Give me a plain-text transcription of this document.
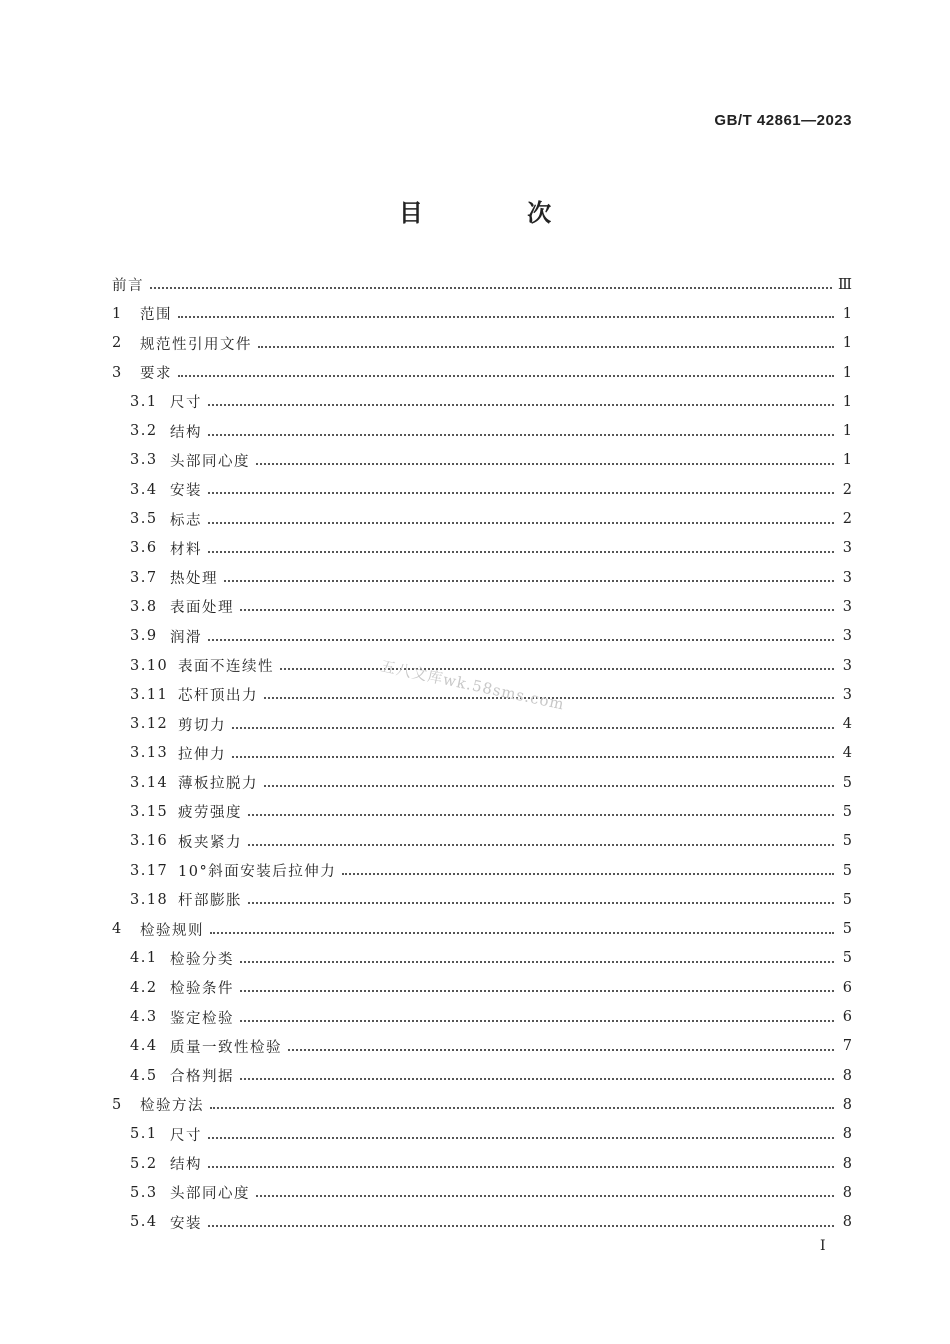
GB/T 42861—2023
目 次
前言	Ⅲ
1	范围	1
2	规范性引用文件	1
3	要求	1
3.1 尺寸	1
3.2 结构	1
3.3 头部同心度	1
3.4 安装	2
3.5 标志	2
3.6 材料	3
3.7 热处理	3
3.8 表面处理	3
3.9 润滑	3
3.10 表面不连续性	3
3.11 芯杆顶出力	3
3.12 剪切力	4
3.13 拉伸力	4
3.14 薄板拉脱力	5
3.15 疲劳强度	5
3.16 板夹紧力	5
3.17 10°斜面安装后拉伸力	5
3.18 杆部膨胀	5
4	检验规则	5
4.1 检验分类	5
4.2 检验条件	6
4.3 鉴定检验	6
4.4 质量一致性检验	7
4.5 合格判据	8
5	检验方法	8
5.1 尺寸	8
5.2 结构	8
5.3 头部同心度	8
5.4 安装	8
五八文库wk.58sms.com
Ⅰ
